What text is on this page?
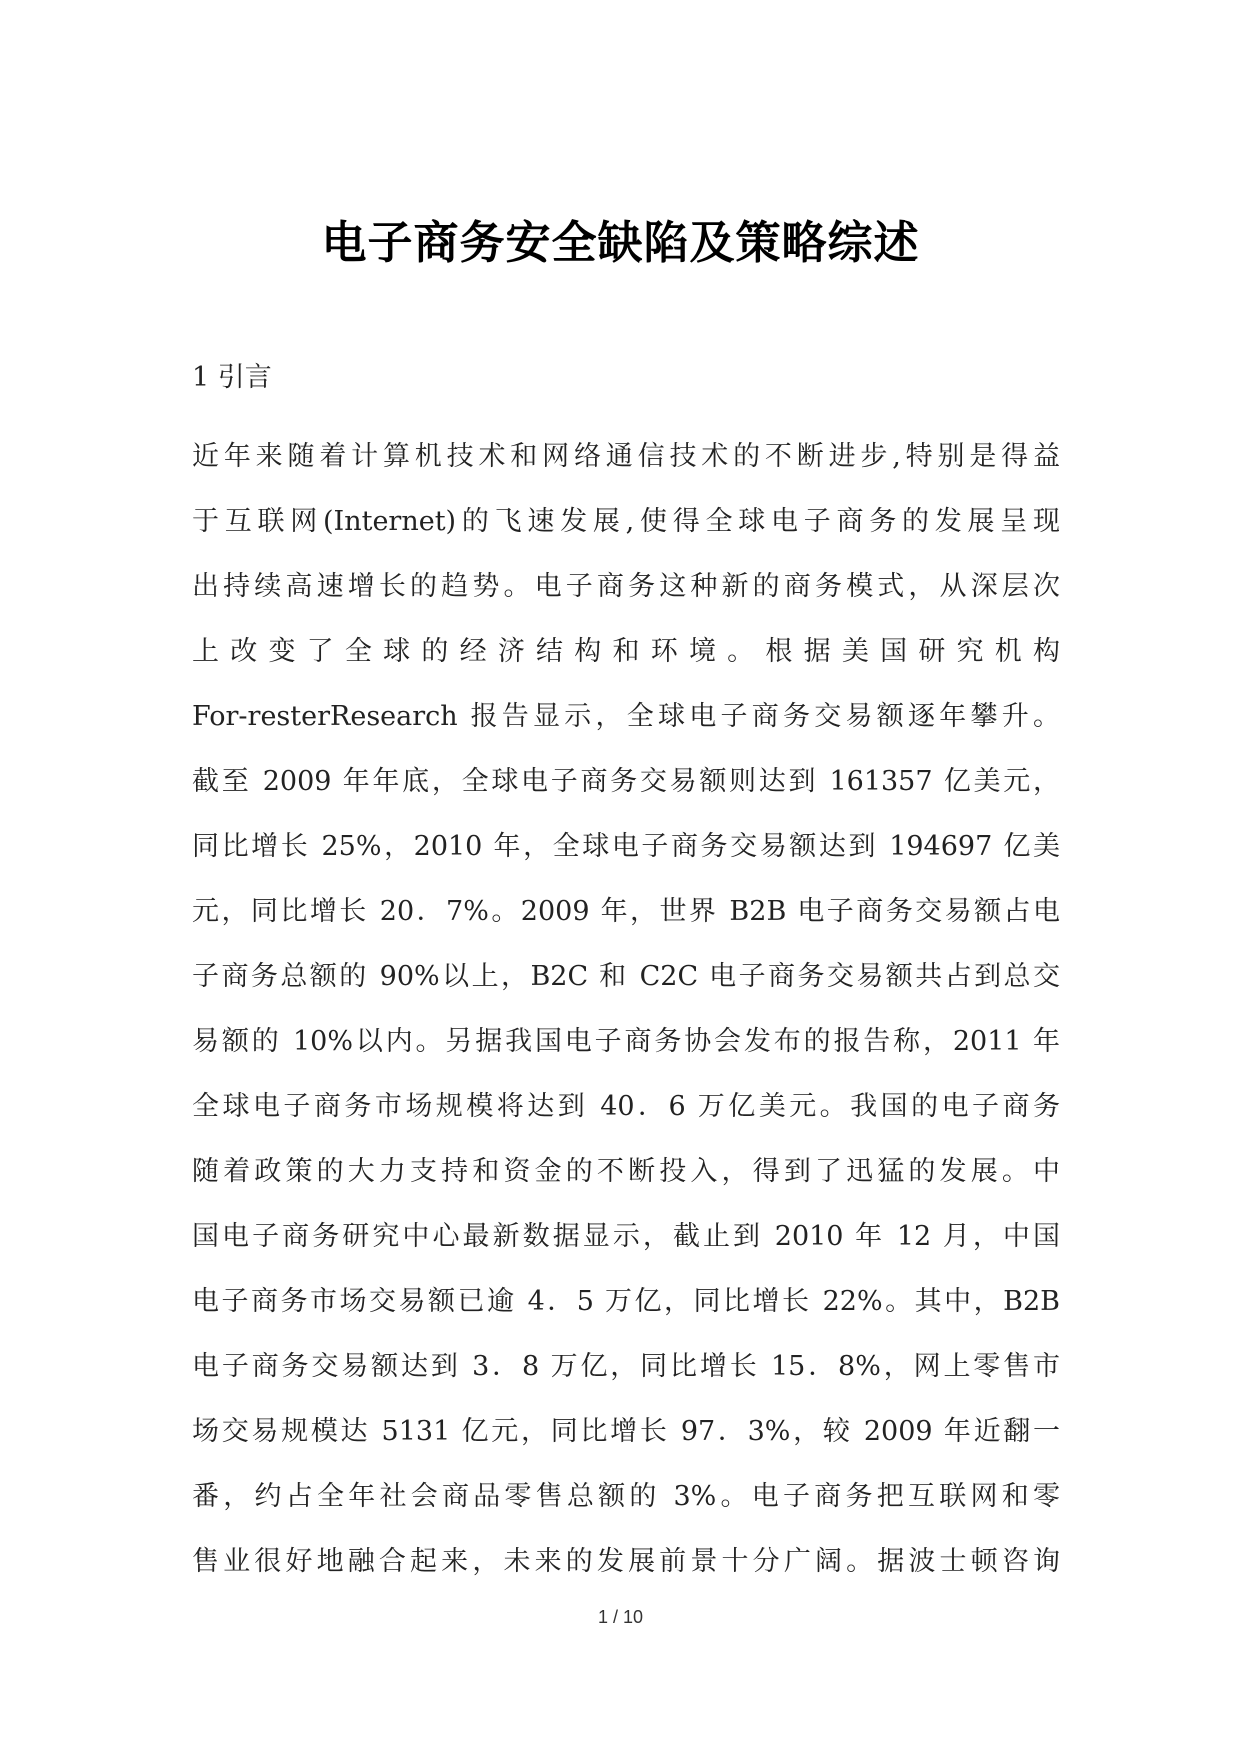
电子商务安全缺陷及策略综述

1 引言

近年来随着计算机技术和网络通信技术的不断进步,特别是得益
于互联网(Internet)的飞速发展,使得全球电子商务的发展呈现
出持续高速增长的趋势。电子商务这种新的商务模式，从深层次
上改变了全球的经济结构和环境。根据美国研究机构
For-resterResearch 报告显示，全球电子商务交易额逐年攀升。
截至 2009 年年底，全球电子商务交易额则达到 161357 亿美元，
同比增长 25%，2010 年，全球电子商务交易额达到 194697 亿美
元，同比增长 20．7%。2009 年，世界 B2B 电子商务交易额占电
子商务总额的 90%以上，B2C 和 C2C 电子商务交易额共占到总交
易额的 10%以内。另据我国电子商务协会发布的报告称，2011 年
全球电子商务市场规模将达到 40．6 万亿美元。我国的电子商务
随着政策的大力支持和资金的不断投入，得到了迅猛的发展。中
国电子商务研究中心最新数据显示，截止到 2010 年 12 月，中国
电子商务市场交易额已逾 4．5 万亿，同比增长 22%。其中，B2B
电子商务交易额达到 3．8 万亿，同比增长 15．8%，网上零售市
场交易规模达 5131 亿元，同比增长 97．3%，较 2009 年近翻一
番，约占全年社会商品零售总额的 3%。电子商务把互联网和零
售业很好地融合起来，未来的发展前景十分广阔。据波士顿咨询

1 / 10
